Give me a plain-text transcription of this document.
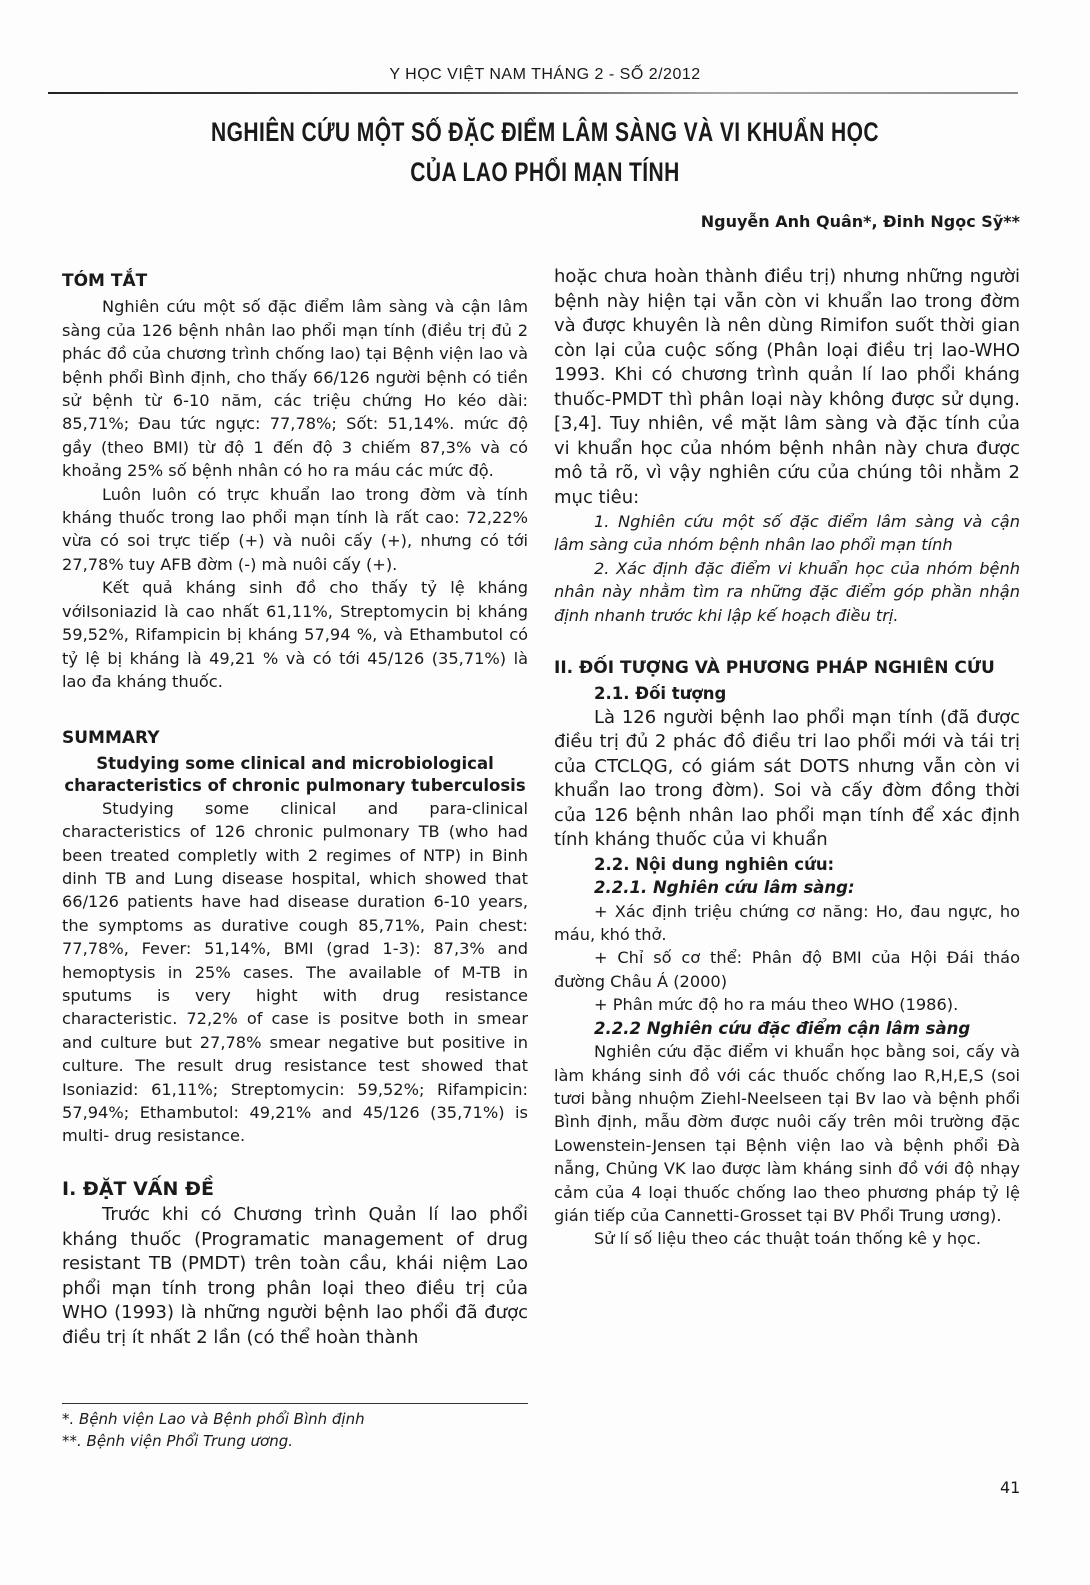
Y HỌC VIỆT NAM THÁNG 2 - SỐ 2/2012
NGHIÊN CỨU MỘT SỐ ĐẶC ĐIỂM LÂM SÀNG VÀ VI KHUẨN HỌC
CỦA LAO PHỔI MẠN TÍNH
Nguyễn Anh Quân*, Đinh Ngọc Sỹ**
TÓM TẮT

Nghiên cứu một số đặc điểm lâm sàng và cận lâm sàng của 126 bệnh nhân lao phổi mạn tính (điều trị đủ 2 phác đồ của chương trình chống lao) tại Bệnh viện lao và bệnh phổi Bình định, cho thấy 66/126 người bệnh có tiền sử bệnh từ 6-10 năm, các triệu chứng Ho kéo dài: 85,71%; Đau tức ngực: 77,78%; Sốt: 51,14%. mức độ gầy (theo BMI) từ độ 1 đến độ 3 chiếm 87,3% và có khoảng 25% số bệnh nhân có ho ra máu các mức độ.

Luôn luôn có trực khuẩn lao trong đờm và tính kháng thuốc trong lao phổi mạn tính là rất cao: 72,22% vừa có soi trực tiếp (+) và nuôi cấy (+), nhưng có tới 27,78% tuy AFB đờm (-) mà nuôi cấy (+).

Kết quả kháng sinh đồ cho thấy tỷ lệ kháng vớiIsoniazid là cao nhất 61,11%, Streptomycin bị kháng 59,52%, Rifampicin bị kháng 57,94 %, và Ethambutol có tỷ lệ bị kháng là 49,21 % và có tới 45/126 (35,71%) là lao đa kháng thuốc.

SUMMARY

Studying some clinical and microbiological characteristics of chronic pulmonary tuberculosis

Studying some clinical and para-clinical characteristics of 126 chronic pulmonary TB (who had been treated completly with 2 regimes of NTP) in Binh dinh TB and Lung disease hospital, which showed that 66/126 patients have had disease duration 6-10 years, the symptoms as durative cough 85,71%, Pain chest: 77,78%, Fever: 51,14%, BMI (grad 1-3): 87,3% and hemoptysis in 25% cases. The available of M-TB in sputums is very hight with drug resistance characteristic. 72,2% of case is positve both in smear and culture but 27,78% smear negative but positive in culture. The result drug resistance test showed that Isoniazid: 61,11%; Streptomycin: 59,52%; Rifampicin: 57,94%; Ethambutol: 49,21% and 45/126 (35,71%) is multi- drug resistance.

I. ĐẶT VẤN ĐỀ

Trước khi có Chương trình Quản lí lao phổi kháng thuốc (Programatic management of drug resistant TB (PMDT) trên toàn cầu, khái niệm Lao phổi mạn tính trong phân loại theo điều trị của WHO (1993) là những người bệnh lao phổi đã được điều trị ít nhất 2 lần (có thể hoàn thành

hoặc chưa hoàn thành điều trị) nhưng những người bệnh này hiện tại vẫn còn vi khuẩn lao trong đờm và được khuyên là nên dùng Rimifon suốt thời gian còn lại của cuộc sống (Phân loại điều trị lao-WHO 1993. Khi có chương trình quản lí lao phổi kháng thuốc-PMDT thì phân loại này không được sử dụng.[3,4]. Tuy nhiên, về mặt lâm sàng và đặc tính của vi khuẩn học của nhóm bệnh nhân này chưa được mô tả rõ, vì vậy nghiên cứu của chúng tôi nhằm 2 mục tiêu:

1. Nghiên cứu một số đặc điểm lâm sàng và cận lâm sàng của nhóm bệnh nhân lao phổi mạn tính

2. Xác định đặc điểm vi khuẩn học của nhóm bệnh nhân này nhằm tìm ra những đặc điểm góp phần nhận định nhanh trước khi lập kế hoạch điều trị.

II. ĐỐI TƯỢNG VÀ PHƯƠNG PHÁP NGHIÊN CỨU
2.1. Đối tượng

Là 126 người bệnh lao phổi mạn tính (đã được điều trị đủ 2 phác đồ điều tri lao phổi mới và tái trị của CTCLQG, có giám sát DOTS nhưng vẫn còn vi khuẩn lao trong đờm). Soi và cấy đờm đồng thời của 126 bệnh nhân lao phổi mạn tính để xác định tính kháng thuốc của vi khuẩn

2.2. Nội dung nghiên cứu:
2.2.1. Nghiên cứu lâm sàng:

+ Xác định triệu chứng cơ năng: Ho, đau ngực, ho máu, khó thở.

+ Chỉ số cơ thể: Phân độ BMI của Hội Đái tháo đường Châu Á (2000)

+ Phân mức độ ho ra máu theo WHO (1986).

2.2.2 Nghiên cứu đặc điểm cận lâm sàng

Nghiên cứu đặc điểm vi khuẩn học bằng soi, cấy và làm kháng sinh đồ với các thuốc chống lao R,H,E,S (soi tươi bằng nhuộm Ziehl-Neelseen tại Bv lao và bệnh phổi Bình định, mẫu đờm được nuôi cấy trên môi trường đặc Lowenstein-Jensen tại Bệnh viện lao và bệnh phổi Đà nẵng, Chủng VK lao được làm kháng sinh đồ với độ nhạy cảm của 4 loại thuốc chống lao theo phương pháp tỷ lệ gián tiếp của Cannetti-Grosset tại BV Phổi Trung ương).

Sử lí số liệu theo các thuật toán thống kê y học.

*. Bệnh viện Lao và Bệnh phổi Bình định
**. Bệnh viện Phổi Trung ương.
41
